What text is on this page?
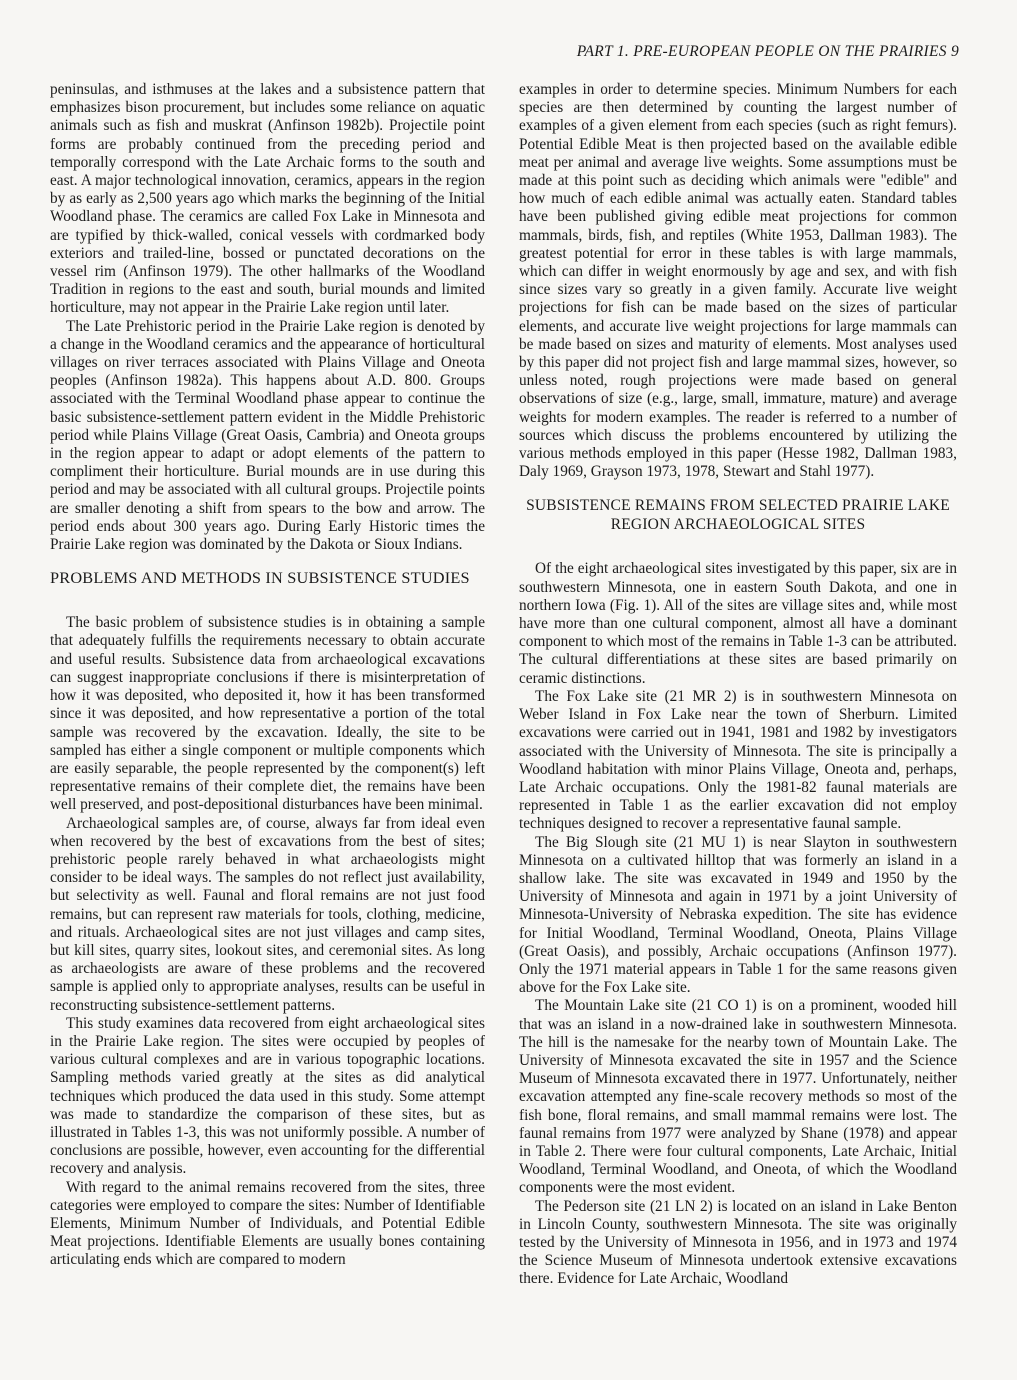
PART 1. PRE-EUROPEAN PEOPLE ON THE PRAIRIES 9

peninsulas, and isthmuses at the lakes and a subsistence pattern that emphasizes bison procurement, but includes some reliance on aquatic animals such as fish and muskrat (Anfinson 1982b). Projectile point forms are probably continued from the preceding period and temporally correspond with the Late Archaic forms to the south and east. A major technological innovation, ceramics, appears in the region by as early as 2,500 years ago which marks the beginning of the Initial Woodland phase. The ceramics are called Fox Lake in Minnesota and are typified by thick-walled, conical vessels with cordmarked body exteriors and trailed-line, bossed or punctated decorations on the vessel rim (Anfinson 1979). The other hallmarks of the Woodland Tradition in regions to the east and south, burial mounds and limited horticulture, may not appear in the Prairie Lake region until later.

The Late Prehistoric period in the Prairie Lake region is denoted by a change in the Woodland ceramics and the appearance of horticultural villages on river terraces associated with Plains Village and Oneota peoples (Anfinson 1982a). This happens about A.D. 800. Groups associated with the Terminal Woodland phase appear to continue the basic subsistence-settlement pattern evident in the Middle Prehistoric period while Plains Village (Great Oasis, Cambria) and Oneota groups in the region appear to adapt or adopt elements of the pattern to compliment their horticulture. Burial mounds are in use during this period and may be associated with all cultural groups. Projectile points are smaller denoting a shift from spears to the bow and arrow. The period ends about 300 years ago. During Early Historic times the Prairie Lake region was dominated by the Dakota or Sioux Indians.

PROBLEMS AND METHODS IN SUBSISTENCE STUDIES

The basic problem of subsistence studies is in obtaining a sample that adequately fulfills the requirements necessary to obtain accurate and useful results. Subsistence data from archaeological excavations can suggest inappropriate conclusions if there is misinterpretation of how it was deposited, who deposited it, how it has been transformed since it was deposited, and how representative a portion of the total sample was recovered by the excavation. Ideally, the site to be sampled has either a single component or multiple components which are easily separable, the people represented by the component(s) left representative remains of their complete diet, the remains have been well preserved, and post-depositional disturbances have been minimal.

Archaeological samples are, of course, always far from ideal even when recovered by the best of excavations from the best of sites; prehistoric people rarely behaved in what archaeologists might consider to be ideal ways. The samples do not reflect just availability, but selectivity as well. Faunal and floral remains are not just food remains, but can represent raw materials for tools, clothing, medicine, and rituals. Archaeological sites are not just villages and camp sites, but kill sites, quarry sites, lookout sites, and ceremonial sites. As long as archaeologists are aware of these problems and the recovered sample is applied only to appropriate analyses, results can be useful in reconstructing subsistence-settlement patterns.

This study examines data recovered from eight archaeological sites in the Prairie Lake region. The sites were occupied by peoples of various cultural complexes and are in various topographic locations. Sampling methods varied greatly at the sites as did analytical techniques which produced the data used in this study. Some attempt was made to standardize the comparison of these sites, but as illustrated in Tables 1-3, this was not uniformly possible. A number of conclusions are possible, however, even accounting for the differential recovery and analysis.

With regard to the animal remains recovered from the sites, three categories were employed to compare the sites: Number of Identifiable Elements, Minimum Number of Individuals, and Potential Edible Meat projections. Identifiable Elements are usually bones containing articulating ends which are compared to modern

examples in order to determine species. Minimum Numbers for each species are then determined by counting the largest number of examples of a given element from each species (such as right femurs). Potential Edible Meat is then projected based on the available edible meat per animal and average live weights. Some assumptions must be made at this point such as deciding which animals were ''edible'' and how much of each edible animal was actually eaten. Standard tables have been published giving edible meat projections for common mammals, birds, fish, and reptiles (White 1953, Dallman 1983). The greatest potential for error in these tables is with large mammals, which can differ in weight enormously by age and sex, and with fish since sizes vary so greatly in a given family. Accurate live weight projections for fish can be made based on the sizes of particular elements, and accurate live weight projections for large mammals can be made based on sizes and maturity of elements. Most analyses used by this paper did not project fish and large mammal sizes, however, so unless noted, rough projections were made based on general observations of size (e.g., large, small, immature, mature) and average weights for modern examples. The reader is referred to a number of sources which discuss the problems encountered by utilizing the various methods employed in this paper (Hesse 1982, Dallman 1983, Daly 1969, Grayson 1973, 1978, Stewart and Stahl 1977).

SUBSISTENCE REMAINS FROM SELECTED PRAIRIE LAKE REGION ARCHAEOLOGICAL SITES

Of the eight archaeological sites investigated by this paper, six are in southwestern Minnesota, one in eastern South Dakota, and one in northern Iowa (Fig. 1). All of the sites are village sites and, while most have more than one cultural component, almost all have a dominant component to which most of the remains in Table 1-3 can be attributed. The cultural differentiations at these sites are based primarily on ceramic distinctions.

The Fox Lake site (21 MR 2) is in southwestern Minnesota on Weber Island in Fox Lake near the town of Sherburn. Limited excavations were carried out in 1941, 1981 and 1982 by investigators associated with the University of Minnesota. The site is principally a Woodland habitation with minor Plains Village, Oneota and, perhaps, Late Archaic occupations. Only the 1981-82 faunal materials are represented in Table 1 as the earlier excavation did not employ techniques designed to recover a representative faunal sample.

The Big Slough site (21 MU 1) is near Slayton in southwestern Minnesota on a cultivated hilltop that was formerly an island in a shallow lake. The site was excavated in 1949 and 1950 by the University of Minnesota and again in 1971 by a joint University of Minnesota-University of Nebraska expedition. The site has evidence for Initial Woodland, Terminal Woodland, Oneota, Plains Village (Great Oasis), and possibly, Archaic occupations (Anfinson 1977). Only the 1971 material appears in Table 1 for the same reasons given above for the Fox Lake site.

The Mountain Lake site (21 CO 1) is on a prominent, wooded hill that was an island in a now-drained lake in southwestern Minnesota. The hill is the namesake for the nearby town of Mountain Lake. The University of Minnesota excavated the site in 1957 and the Science Museum of Minnesota excavated there in 1977. Unfortunately, neither excavation attempted any fine-scale recovery methods so most of the fish bone, floral remains, and small mammal remains were lost. The faunal remains from 1977 were analyzed by Shane (1978) and appear in Table 2. There were four cultural components, Late Archaic, Initial Woodland, Terminal Woodland, and Oneota, of which the Woodland components were the most evident.

The Pederson site (21 LN 2) is located on an island in Lake Benton in Lincoln County, southwestern Minnesota. The site was originally tested by the University of Minnesota in 1956, and in 1973 and 1974 the Science Museum of Minnesota undertook extensive excavations there. Evidence for Late Archaic, Woodland
